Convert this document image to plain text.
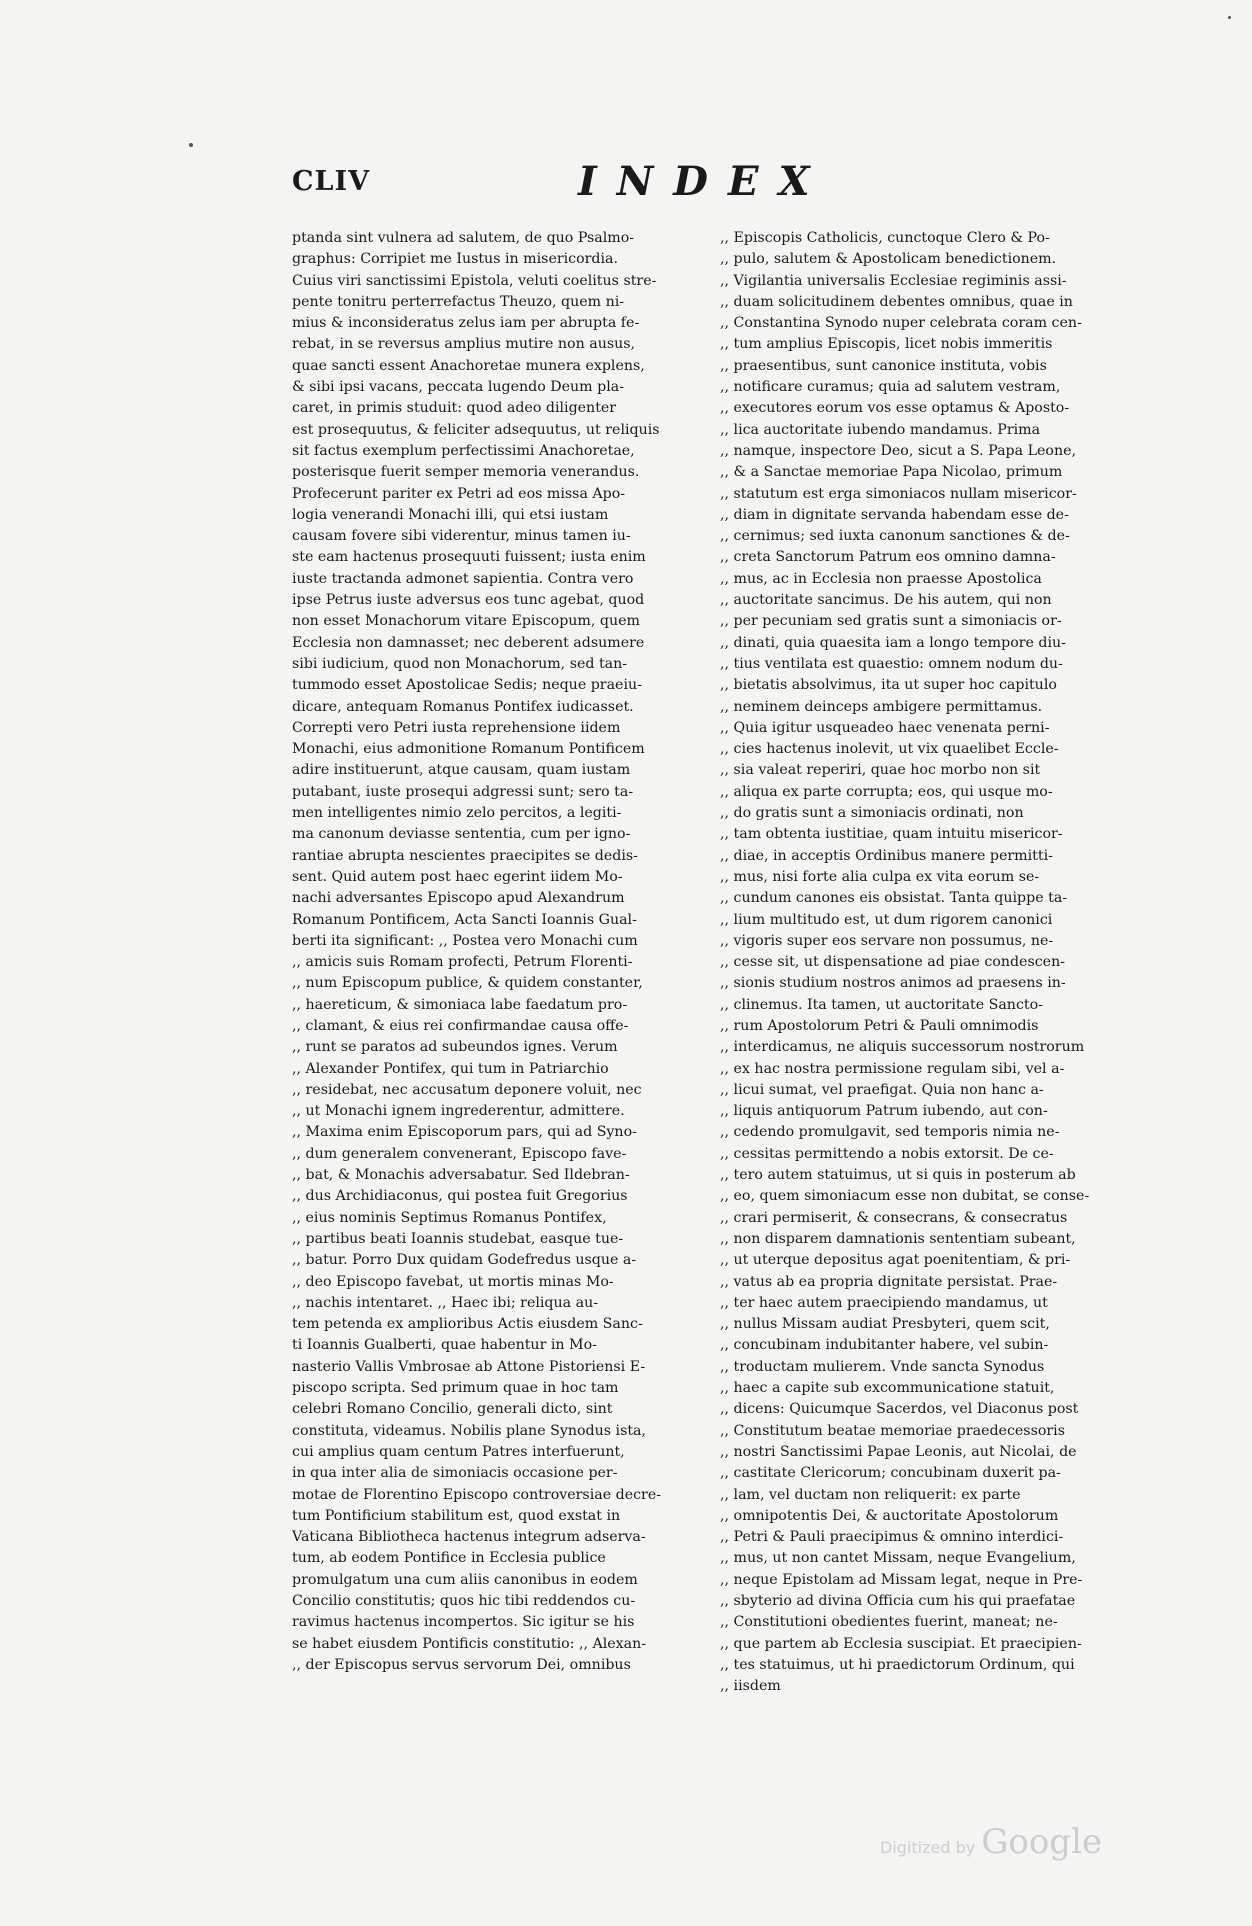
CLIV	INDEX
ptanda sint vulnera ad salutem, de quo Psalmo-
graphus: Corripiet me Iustus in misericordia.
Cuius viri sanctissimi Epistola, veluti coelitus stre-
pente tonitru perterrefactus Theuzo, quem ni-
mius & inconsideratus zelus iam per abrupta fe-
rebat, in se reversus amplius mutire non ausus,
quae sancti essent Anachoretae munera explens,
& sibi ipsi vacans, peccata lugendo Deum pla-
caret, in primis studuit: quod adeo diligenter
est prosequutus, & feliciter adsequutus, ut reliquis
sit factus exemplum perfectissimi Anachoretae,
posterisque fuerit semper memoria venerandus.
Profecerunt pariter ex Petri ad eos missa Apo-
logia venerandi Monachi illi, qui etsi iustam
causam fovere sibi viderentur, minus tamen iu-
ste eam hactenus prosequuti fuissent; iusta enim
iuste tractanda admonet sapientia. Contra vero
ipse Petrus iuste adversus eos tunc agebat, quod
non esset Monachorum vitare Episcopum, quem
Ecclesia non damnasset; nec deberent adsumere
sibi iudicium, quod non Monachorum, sed tan-
tummodo esset Apostolicae Sedis; neque praeiu-
dicare, antequam Romanus Pontifex iudicasset.
Correpti vero Petri iusta reprehensione iidem
Monachi, eius admonitione Romanum Pontificem
adire instituerunt, atque causam, quam iustam
putabant, iuste prosequi adgressi sunt; sero ta-
men intelligentes nimio zelo percitos, a legiti-
ma canonum deviasse sententia, cum per igno-
rantiae abrupta nescientes praecipites se dedis-
sent. Quid autem post haec egerint iidem Mo-
nachi adversantes Episcopo apud Alexandrum
Romanum Pontificem, Acta Sancti Ioannis Gual-
berti ita significant: ,, Postea vero Monachi cum
,, amicis suis Romam profecti, Petrum Florenti-
,, num Episcopum publice, & quidem constanter,
,, haereticum, & simoniaca labe faedatum pro-
,, clamant, & eius rei confirmandae causa offe-
,, runt se paratos ad subeundos ignes. Verum
,, Alexander Pontifex, qui tum in Patriarchio
,, residebat, nec accusatum deponere voluit, nec
,, ut Monachi ignem ingrederentur, admittere.
,, Maxima enim Episcoporum pars, qui ad Syno-
,, dum generalem convenerant, Episcopo fave-
,, bat, & Monachis adversabatur. Sed Ildebran-
,, dus Archidiaconus, qui postea fuit Gregorius
,, eius nominis Septimus Romanus Pontifex,
,, partibus beati Ioannis studebat, easque tue-
,, batur. Porro Dux quidam Godefredus usque a-
,, deo Episcopo favebat, ut mortis minas Mo-
,, nachis intentaret. ,, Haec ibi; reliqua au-
tem petenda ex amplioribus Actis eiusdem Sanc-
ti Ioannis Gualberti, quae habentur in Mo-
nasterio Vallis Vmbrosae ab Attone Pistoriensi E-
piscopo scripta. Sed primum quae in hoc tam
celebri Romano Concilio, generali dicto, sint
constituta, videamus. Nobilis plane Synodus ista,
cui amplius quam centum Patres interfuerunt,
in qua inter alia de simoniacis occasione per-
motae de Florentino Episcopo controversiae decre-
tum Pontificium stabilitum est, quod exstat in
Vaticana Bibliotheca hactenus integrum adserva-
tum, ab eodem Pontifice in Ecclesia publice
promulgatum una cum aliis canonibus in eodem
Concilio constitutis; quos hic tibi reddendos cu-
ravimus hactenus incompertos. Sic igitur se his
se habet eiusdem Pontificis constitutio: ,, Alexan-
,, der Episcopus servus servorum Dei, omnibus
,, Episcopis Catholicis, cunctoque Clero & Po-
,, pulo, salutem & Apostolicam benedictionem.
,, Vigilantia universalis Ecclesiae regiminis assi-
,, duam solicitudinem debentes omnibus, quae in
,, Constantina Synodo nuper celebrata coram cen-
,, tum amplius Episcopis, licet nobis immeritis
,, praesentibus, sunt canonice instituta, vobis
,, notificare curamus; quia ad salutem vestram,
,, executores eorum vos esse optamus & Aposto-
,, lica auctoritate iubendo mandamus. Prima
,, namque, inspectore Deo, sicut a S. Papa Leone,
,, & a Sanctae memoriae Papa Nicolao, primum
,, statutum est erga simoniacos nullam misericor-
,, diam in dignitate servanda habendam esse de-
,, cernimus; sed iuxta canonum sanctiones & de-
,, creta Sanctorum Patrum eos omnino damna-
,, mus, ac in Ecclesia non praesse Apostolica
,, auctoritate sancimus. De his autem, qui non
,, per pecuniam sed gratis sunt a simoniacis or-
,, dinati, quia quaesita iam a longo tempore diu-
,, tius ventilata est quaestio: omnem nodum du-
,, bietatis absolvimus, ita ut super hoc capitulo
,, neminem deinceps ambigere permittamus.
,, Quia igitur usqueadeo haec venenata perni-
,, cies hactenus inolevit, ut vix quaelibet Eccle-
,, sia valeat reperiri, quae hoc morbo non sit
,, aliqua ex parte corrupta; eos, qui usque mo-
,, do gratis sunt a simoniacis ordinati, non
,, tam obtenta iustitiae, quam intuitu misericor-
,, diae, in acceptis Ordinibus manere permitti-
,, mus, nisi forte alia culpa ex vita eorum se-
,, cundum canones eis obsistat. Tanta quippe ta-
,, lium multitudo est, ut dum rigorem canonici
,, vigoris super eos servare non possumus, ne-
,, cesse sit, ut dispensatione ad piae condescen-
,, sionis studium nostros animos ad praesens in-
,, clinemus. Ita tamen, ut auctoritate Sancto-
,, rum Apostolorum Petri & Pauli omnimodis
,, interdicamus, ne aliquis successorum nostrorum
,, ex hac nostra permissione regulam sibi, vel a-
,, licui sumat, vel praefigat. Quia non hanc a-
,, liquis antiquorum Patrum iubendo, aut con-
,, cedendo promulgavit, sed temporis nimia ne-
,, cessitas permittendo a nobis extorsit. De ce-
,, tero autem statuimus, ut si quis in posterum ab
,, eo, quem simoniacum esse non dubitat, se conse-
,, crari permiserit, & consecrans, & consecratus
,, non disparem damnationis sententiam subeant,
,, ut uterque depositus agat poenitentiam, & pri-
,, vatus ab ea propria dignitate persistat. Prae-
,, ter haec autem praecipiendo mandamus, ut
,, nullus Missam audiat Presbyteri, quem scit,
,, concubinam indubitanter habere, vel subin-
,, troductam mulierem. Vnde sancta Synodus
,, haec a capite sub excommunicatione statuit,
,, dicens: Quicumque Sacerdos, vel Diaconus post
,, Constitutum beatae memoriae praedecessoris
,, nostri Sanctissimi Papae Leonis, aut Nicolai, de
,, castitate Clericorum; concubinam duxerit pa-
,, lam, vel ductam non reliquerit: ex parte
,, omnipotentis Dei, & auctoritate Apostolorum
,, Petri & Pauli praecipimus & omnino interdici-
,, mus, ut non cantet Missam, neque Evangelium,
,, neque Epistolam ad Missam legat, neque in Pre-
,, sbyterio ad divina Officia cum his qui praefatae
,, Constitutioni obedientes fuerint, maneat; ne-
,, que partem ab Ecclesia suscipiat. Et praecipien-
,, tes statuimus, ut hi praedictorum Ordinum, qui
,, iisdem
Digitized by Google
